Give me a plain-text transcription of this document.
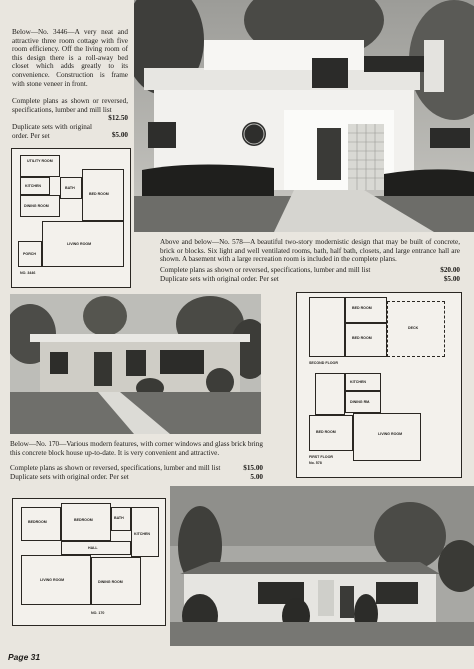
Below—No. 3446—A very neat and attractive three room cottage with five room efficiency. Off the living room of this design there is a roll-away bed closet which adds greatly to its convenience. Construction is frame with stone veneer in front.
Complete plans as shown or reversed, specifications, lumber and mill list
$12.50
Duplicate sets with original order. Per set	$5.00
UTILITY ROOM
KITCHEN
DINING ROOM
BATH
BED ROOM
LIVING ROOM
PORCH
NO. 3446
Above and below—No. 578—A beautiful two-story modernistic design that may be built of concrete, brick or blocks. Six light and well ventilated rooms, bath, half bath, closets, and large entrance hall are shown. A basement with a large recreation room is included in the complete plans.
Complete plans as shown or reversed, specifications, lumber and mill list	$20.00
Duplicate sets with original order. Per set	$5.00
Below—No. 170—Various modern features, with corner windows and glass brick bring this concrete block house up-to-date. It is very convenient and attractive.
Complete plans as shown or reversed, specifications, lumber and mill list	$15.00
Duplicate sets with original order. Per set	5.00
BED ROOM
BED ROOM
DECK
SECOND FLOOR
KITCHEN
DINING RM.
BED ROOM	LIVING ROOM
FIRST FLOOR
No. 578
BEDROOM	BEDROOM	BATH
KITCHEN
HALL
LIVING ROOM	DINING ROOM
NO. 170
Page 31
